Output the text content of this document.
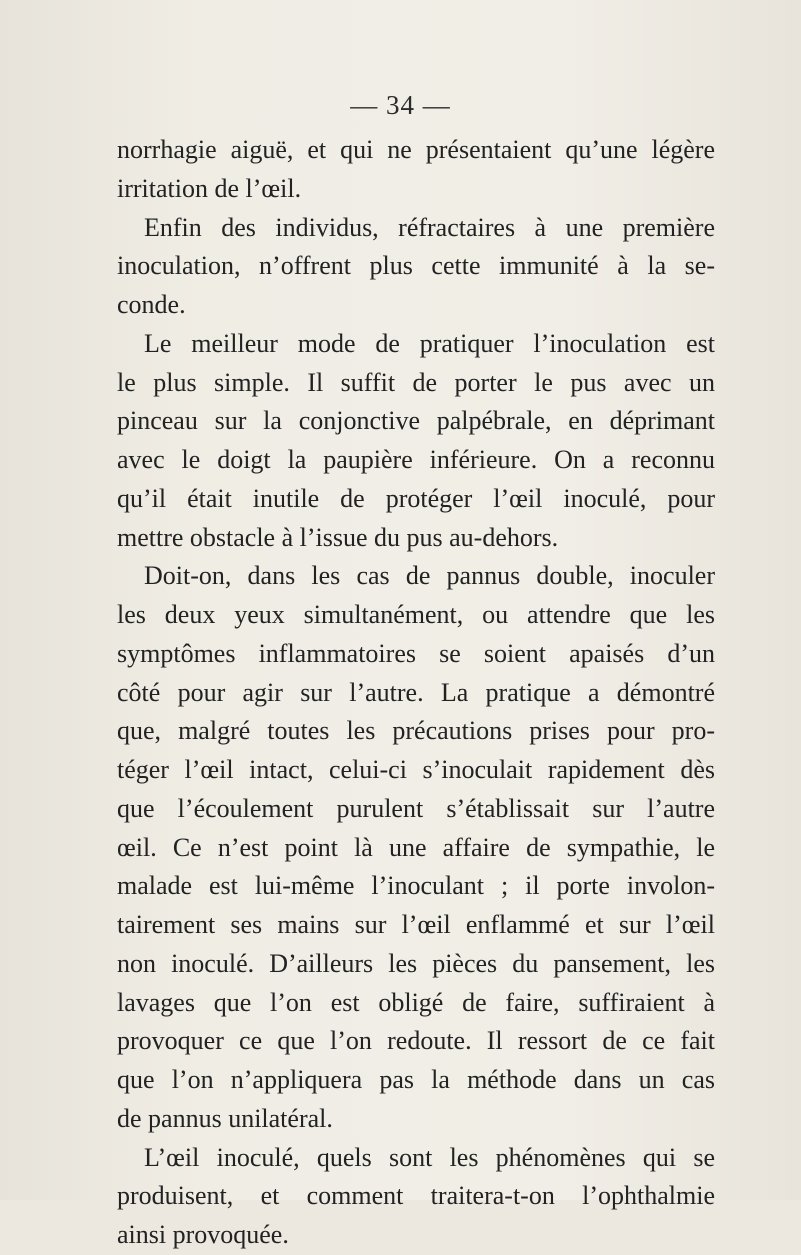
— 34 —
norrhagie aiguë, et qui ne présentaient qu’une légère
irritation de l’œil.
Enfin des individus, réfractaires à une première
inoculation, n’offrent plus cette immunité à la se-
conde.
Le meilleur mode de pratiquer l’inoculation est
le plus simple. Il suffit de porter le pus avec un
pinceau sur la conjonctive palpébrale, en déprimant
avec le doigt la paupière inférieure. On a reconnu
qu’il était inutile de protéger l’œil inoculé, pour
mettre obstacle à l’issue du pus au-dehors.
Doit-on, dans les cas de pannus double, inoculer
les deux yeux simultanément, ou attendre que les
symptômes inflammatoires se soient apaisés d’un
côté pour agir sur l’autre. La pratique a démontré
que, malgré toutes les précautions prises pour pro-
téger l’œil intact, celui-ci s’inoculait rapidement dès
que l’écoulement purulent s’établissait sur l’autre
œil. Ce n’est point là une affaire de sympathie, le
malade est lui-même l’inoculant ; il porte involon-
tairement ses mains sur l’œil enflammé et sur l’œil
non inoculé. D’ailleurs les pièces du pansement, les
lavages que l’on est obligé de faire, suffiraient à
provoquer ce que l’on redoute. Il ressort de ce fait
que l’on n’appliquera pas la méthode dans un cas
de pannus unilatéral.
L’œil inoculé, quels sont les phénomènes qui se
produisent, et comment traitera-t-on l’ophthalmie
ainsi provoquée.
